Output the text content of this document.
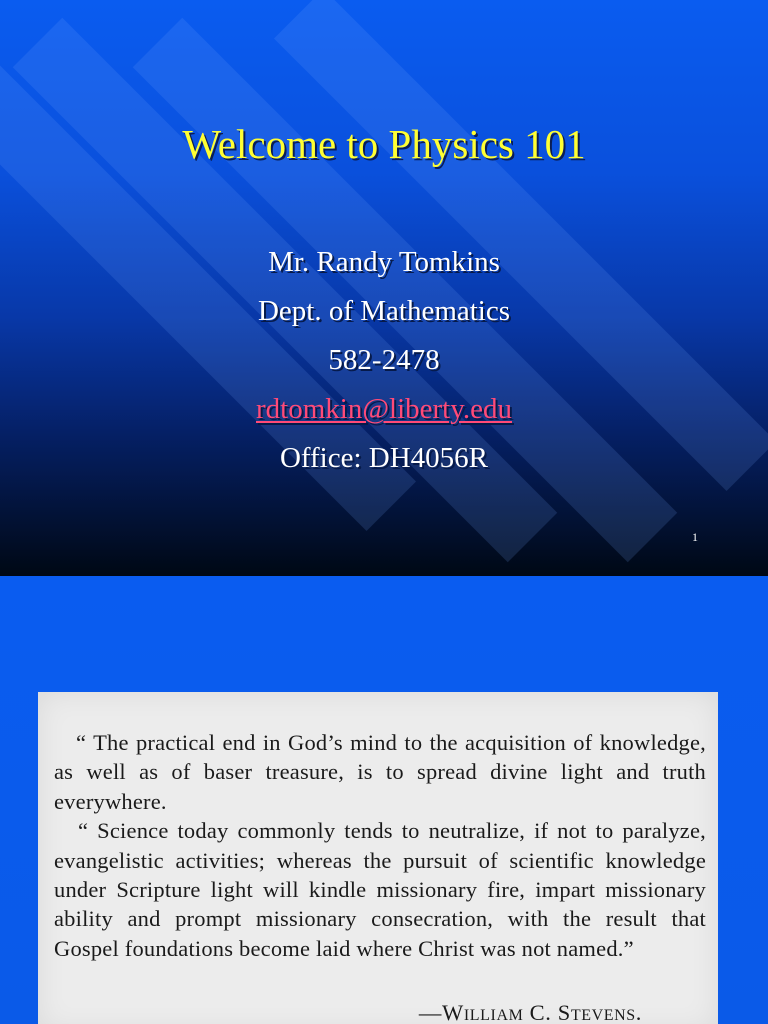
Welcome to Physics 101
Mr. Randy Tomkins
Dept. of Mathematics
582-2478
rdtomkin@liberty.edu
Office: DH4056R
1

“ The practical end in God’s mind to the acquisition of knowledge, as well as of baser treasure, is to spread divine light and truth everywhere.

“ Science today commonly tends to neutralize, if not to paralyze, evangelistic activities; whereas the pursuit of scientific knowledge under Scripture light will kindle missionary fire, impart missionary ability and prompt missionary consecration, with the result that Gospel foundations become laid where Christ was not named.”

—William C. Stevens.
